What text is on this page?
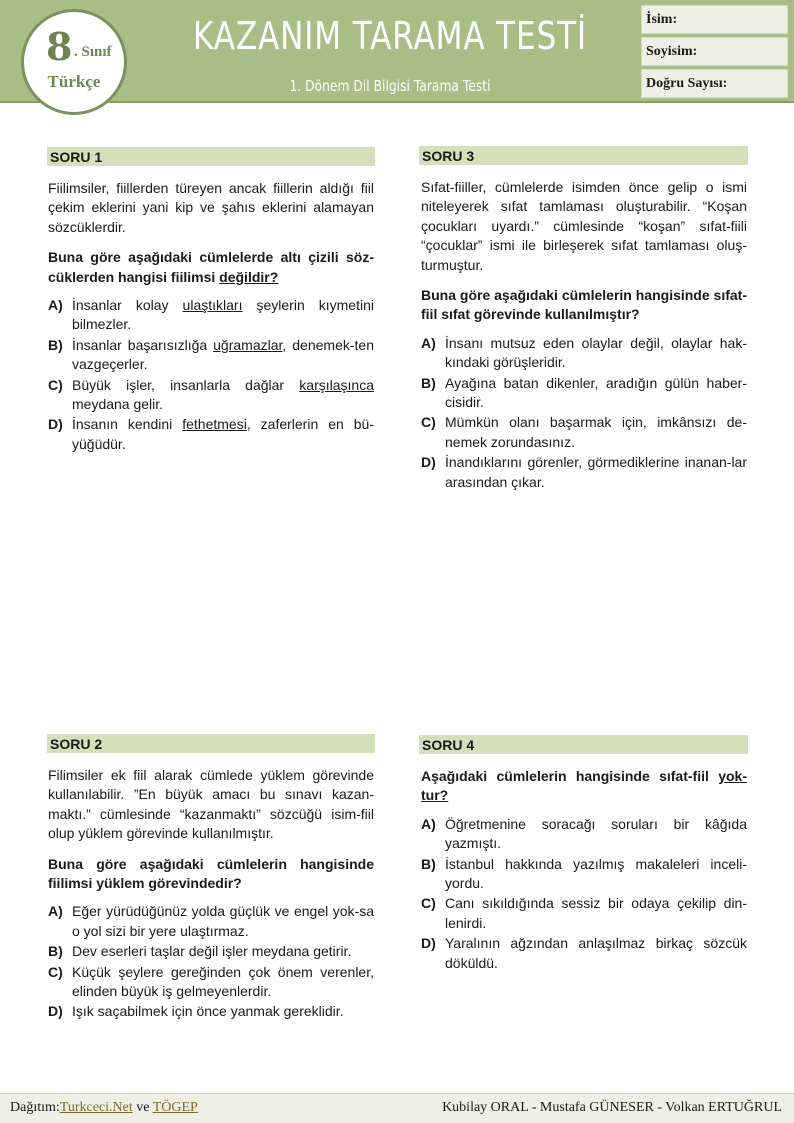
8 . Sınıf
Türkçe
KAZANIM TARAMA TESTİ
1. Dönem Dil Bilgisi Tarama Testi
İsim:
Soyisim:
Doğru Sayısı:
SORU 1

Fiilimsiler, fiillerden türeyen ancak fiillerin aldığı fiil çekim eklerini yani kip ve şahıs eklerini alamayan sözcüklerdir.

Buna göre aşağıdaki cümlelerde altı çizili söz-cüklerden hangisi fiilimsi değildir?

A) İnsanlar kolay ulaştıkları şeylerin kıymetini bilmezler.
B) İnsanlar başarısızlığa uğramazlar, denemek-ten vazgeçerler.
C) Büyük işler, insanlarla dağlar karşılaşınca meydana gelir.
D) İnsanın kendini fethetmesi, zaferlerin en bü-yüğüdür.
SORU 3

Sıfat-fiiller, cümlelerde isimden önce gelip o ismi niteleyerek sıfat tamlaması oluşturabilir. “Koşan çocukları uyardı.” cümlesinde “koşan” sıfat-fiili “çocuklar” ismi ile birleşerek sıfat tamlaması oluş-turmuştur.

Buna göre aşağıdaki cümlelerin hangisinde sıfat-fiil sıfat görevinde kullanılmıştır?

A) İnsanı mutsuz eden olaylar değil, olaylar hak-kındaki görüşleridir.
B) Ayağına batan dikenler, aradığın gülün haber-cisidir.
C) Mümkün olanı başarmak için, imkânsızı de-nemek zorundasınız.
D) İnandıklarını görenler, görmediklerine inanan-lar arasından çıkar.
SORU 2

Filimsiler ek fiil alarak cümlede yüklem görevinde kullanılabilir. ”En büyük amacı bu sınavı kazan-maktı.” cümlesinde “kazanmaktı” sözcüğü isim-fiil olup yüklem görevinde kullanılmıştır.

Buna göre aşağıdaki cümlelerin hangisinde fiilimsi yüklem görevindedir?

A) Eğer yürüdüğünüz yolda güçlük ve engel yok-sa o yol sizi bir yere ulaştırmaz.
B) Dev eserleri taşlar değil işler meydana getirir.
C) Küçük şeylere gereğinden çok önem verenler, elinden büyük iş gelmeyenlerdir.
D) Işık saçabilmek için önce yanmak gereklidir.
SORU 4

Aşağıdaki cümlelerin hangisinde sıfat-fiil yok-tur?

A) Öğretmenine soracağı soruları bir kâğıda yazmıştı.
B) İstanbul hakkında yazılmış makaleleri inceli-yordu.
C) Canı sıkıldığında sessiz bir odaya çekilip din-lenirdi.
D) Yaralının ağzından anlaşılmaz birkaç sözcük döküldü.
Dağıtım:Turkceci.Net ve TÖGEP	Kubilay ORAL - Mustafa GÜNESER - Volkan ERTUĞRUL
